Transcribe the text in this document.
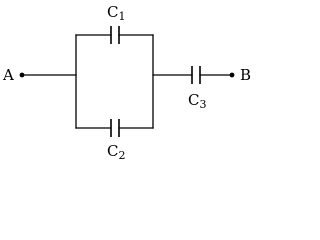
A	B
$C_1$
$C_2$
$C_3$
